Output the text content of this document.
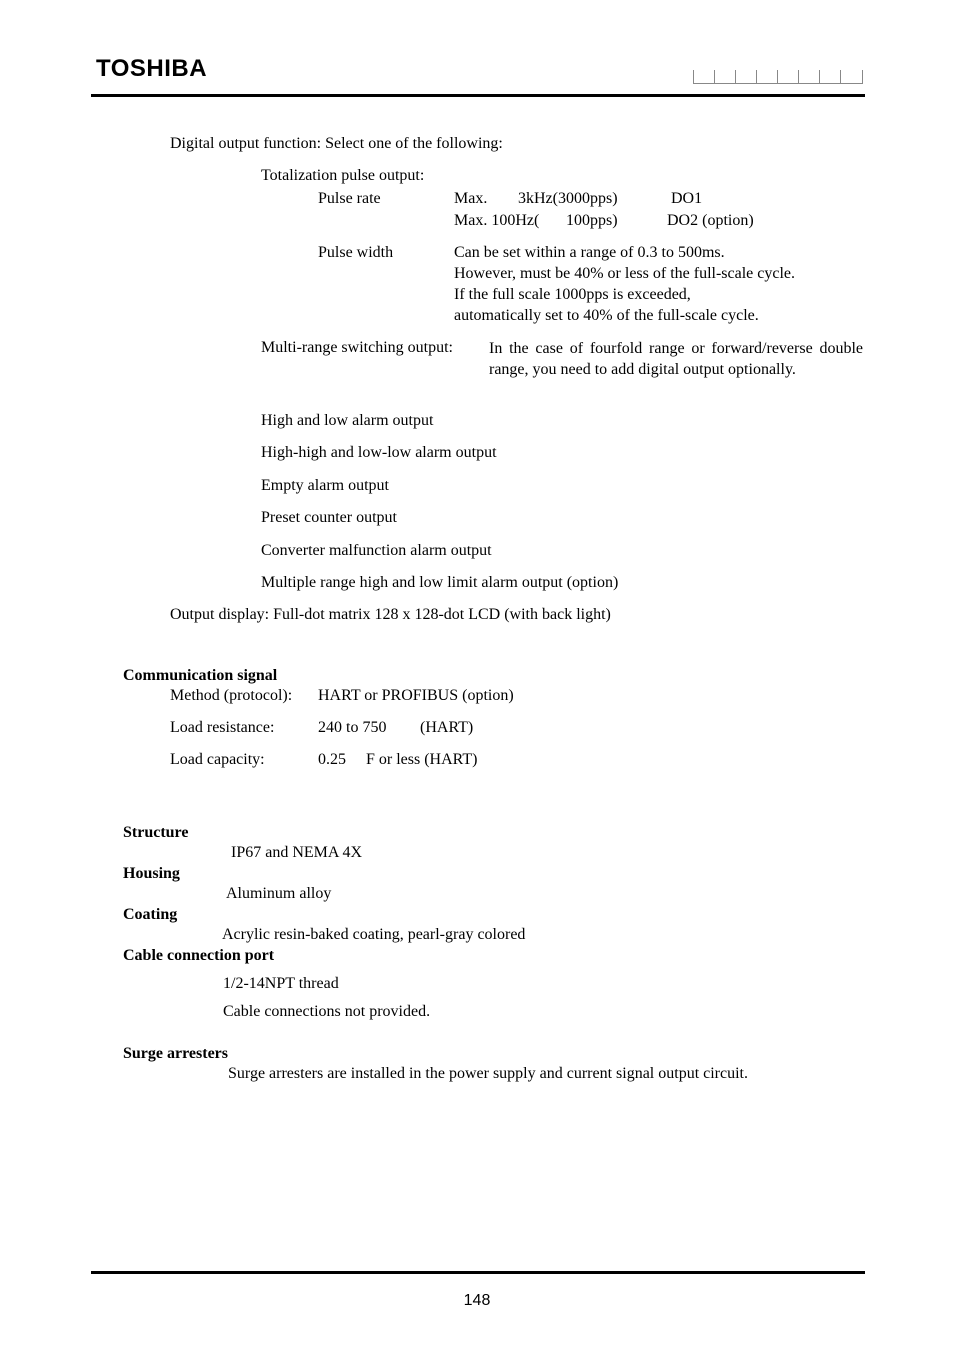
TOSHIBA
Digital output function: Select one of the following:
Totalization pulse output:
Pulse rate	Max. 3kHz(3000pps)	DO1
Max. 100Hz( 100pps)	DO2 (option)
Pulse width	Can be set within a range of 0.3 to 500ms.
However, must be 40% or less of the full-scale cycle.
If the full scale 1000pps is exceeded,
automatically set to 40% of the full-scale cycle.
Multi-range switching output: In the case of fourfold range or forward/reverse double range, you need to add digital output optionally.
High and low alarm output
High-high and low-low alarm output
Empty alarm output
Preset counter output
Converter malfunction alarm output
Multiple range high and low limit alarm output (option)
Output display: Full-dot matrix 128 x 128-dot LCD (with back light)
Communication signal
Method (protocol): HART or PROFIBUS (option)
Load resistance:	240 to 750 (HART)
Load capacity:	0.25 F or less (HART)
Structure
IP67 and NEMA 4X
Housing
Aluminum alloy
Coating
Acrylic resin-baked coating, pearl-gray colored
Cable connection port
1/2-14NPT thread
Cable connections not provided.
Surge arresters
Surge arresters are installed in the power supply and current signal output circuit.
148
